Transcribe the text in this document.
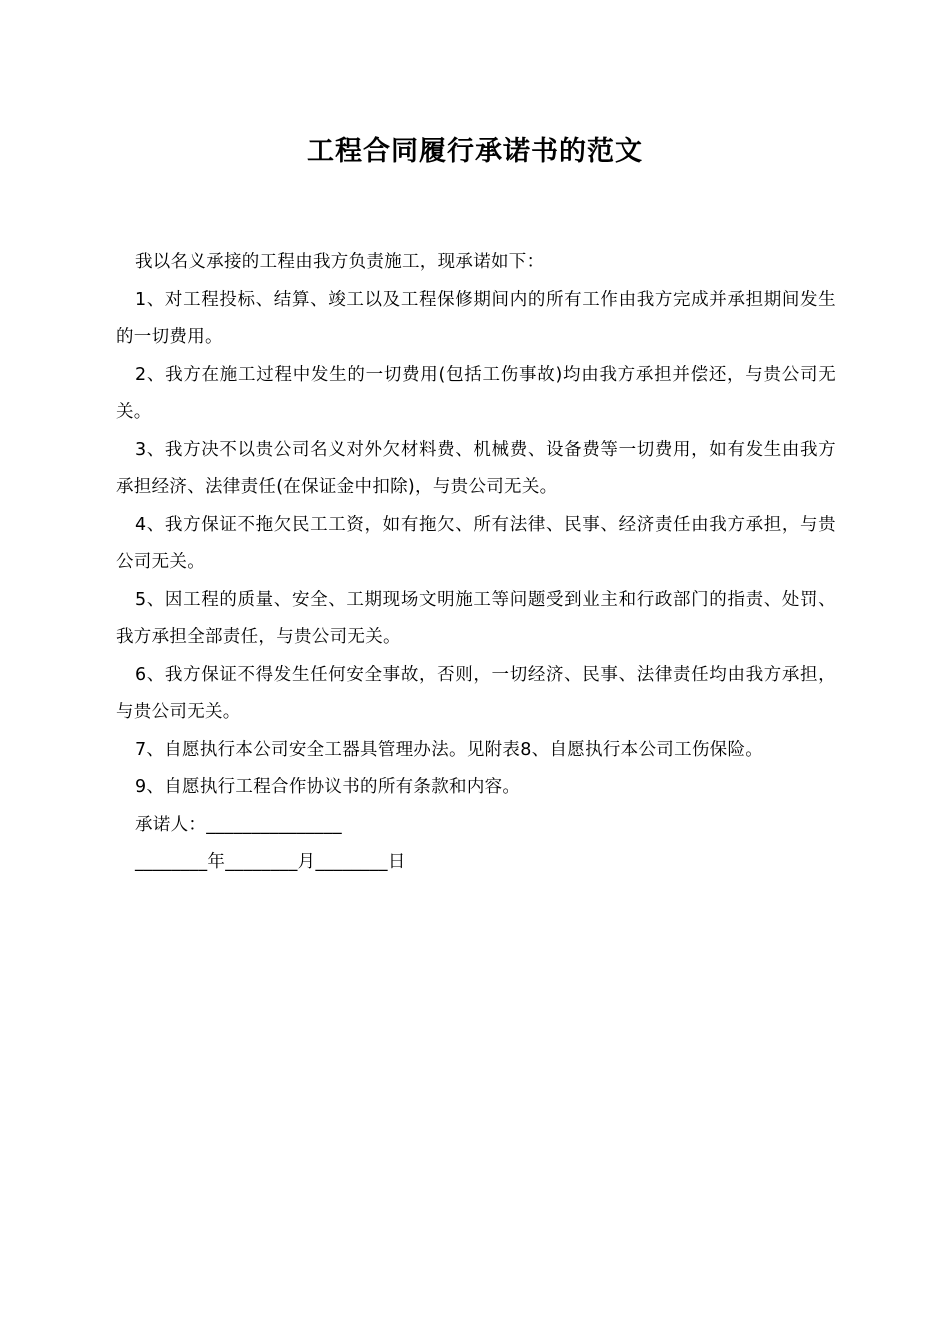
工程合同履行承诺书的范文

我以名义承接的工程由我方负责施工，现承诺如下：

1、对工程投标、结算、竣工以及工程保修期间内的所有工作由我方完成并承担期间发生的一切费用。

2、我方在施工过程中发生的一切费用(包括工伤事故)均由我方承担并偿还，与贵公司无关。

3、我方决不以贵公司名义对外欠材料费、机械费、设备费等一切费用，如有发生由我方承担经济、法律责任(在保证金中扣除)，与贵公司无关。

4、我方保证不拖欠民工工资，如有拖欠、所有法律、民事、经济责任由我方承担，与贵公司无关。

5、因工程的质量、安全、工期现场文明施工等问题受到业主和行政部门的指责、处罚、我方承担全部责任，与贵公司无关。

6、我方保证不得发生任何安全事故，否则，一切经济、民事、法律责任均由我方承担，与贵公司无关。

7、自愿执行本公司安全工器具管理办法。见附表8、自愿执行本公司工伤保险。

9、自愿执行工程合作协议书的所有条款和内容。

承诺人：_______________

________年________月________日
